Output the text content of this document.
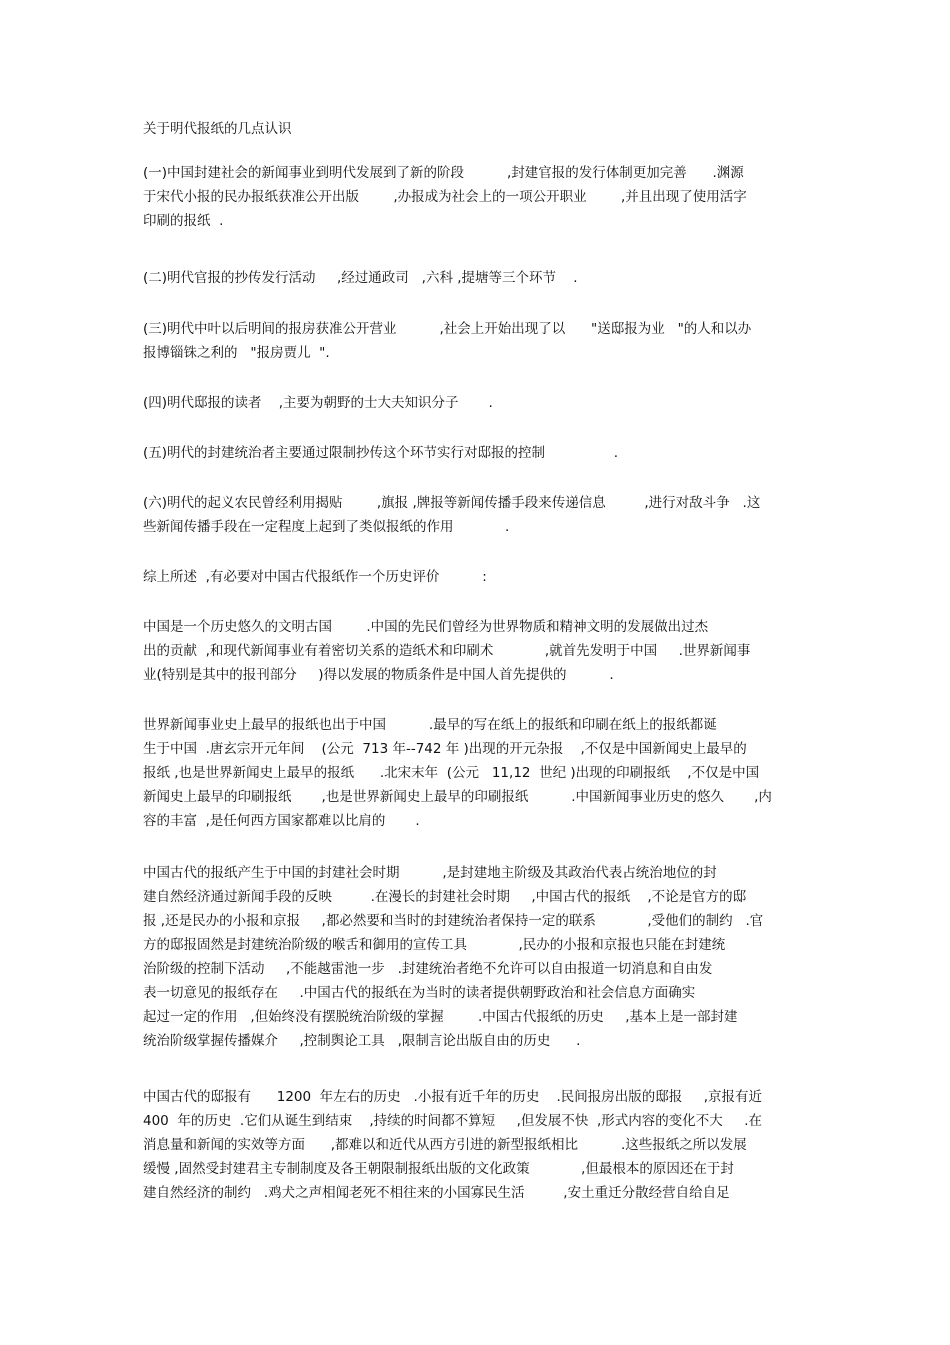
关于明代报纸的几点认识
(一)中国封建社会的新闻事业到明代发展到了新的阶段          ,封建官报的发行体制更加完善      .渊源
于宋代小报的民办报纸获准公开出版        ,办报成为社会上的一项公开职业        ,并且出现了使用活字
印刷的报纸  .
(二)明代官报的抄传发行活动     ,经过通政司   ,六科 ,提塘等三个环节    .
(三)明代中叶以后明间的报房获准公开营业          ,社会上开始出现了以      "送邸报为业   "的人和以办
报博锱铢之利的   "报房贾儿  ".
(四)明代邸报的读者    ,主要为朝野的士大夫知识分子       .
(五)明代的封建统治者主要通过限制抄传这个环节实行对邸报的控制                .
(六)明代的起义农民曾经利用揭贴        ,旗报 ,牌报等新闻传播手段来传递信息         ,进行对敌斗争   .这
些新闻传播手段在一定程度上起到了类似报纸的作用            .
综上所述  ,有必要对中国古代报纸作一个历史评价          :
中国是一个历史悠久的文明古国        .中国的先民们曾经为世界物质和精神文明的发展做出过杰
出的贡献  ,和现代新闻事业有着密切关系的造纸术和印刷术            ,就首先发明于中国     .世界新闻事
业(特别是其中的报刊部分     )得以发展的物质条件是中国人首先提供的          .
世界新闻事业史上最早的报纸也出于中国          .最早的写在纸上的报纸和印刷在纸上的报纸都诞
生于中国  .唐玄宗开元年间    (公元  713 年--742 年 )出现的开元杂报    ,不仅是中国新闻史上最早的
报纸 ,也是世界新闻史上最早的报纸      .北宋末年  (公元   11,12  世纪 )出现的印刷报纸    ,不仅是中国
新闻史上最早的印刷报纸       ,也是世界新闻史上最早的印刷报纸          .中国新闻事业历史的悠久       ,内
容的丰富  ,是任何西方国家都难以比肩的       .
中国古代的报纸产生于中国的封建社会时期          ,是封建地主阶级及其政治代表占统治地位的封
建自然经济通过新闻手段的反映         .在漫长的封建社会时期     ,中国古代的报纸    ,不论是官方的邸
报 ,还是民办的小报和京报     ,都必然要和当时的封建统治者保持一定的联系            ,受他们的制约   .官
方的邸报固然是封建统治阶级的喉舌和御用的宣传工具            ,民办的小报和京报也只能在封建统
治阶级的控制下活动     ,不能越雷池一步   .封建统治者绝不允许可以自由报道一切消息和自由发
表一切意见的报纸存在     .中国古代的报纸在为当时的读者提供朝野政治和社会信息方面确实
起过一定的作用   ,但始终没有摆脱统治阶级的掌握        .中国古代报纸的历史     ,基本上是一部封建
统治阶级掌握传播媒介     ,控制舆论工具   ,限制言论出版自由的历史      .
中国古代的邸报有      1200  年左右的历史   .小报有近千年的历史    .民间报房出版的邸报     ,京报有近
400  年的历史  .它们从诞生到结束    ,持续的时间都不算短     ,但发展不快  ,形式内容的变化不大     .在
消息量和新闻的实效等方面      ,都难以和近代从西方引进的新型报纸相比          .这些报纸之所以发展
缓慢 ,固然受封建君主专制制度及各王朝限制报纸出版的文化政策            ,但最根本的原因还在于封
建自然经济的制约   .鸡犬之声相闻老死不相往来的小国寡民生活         ,安土重迁分散经营自给自足
